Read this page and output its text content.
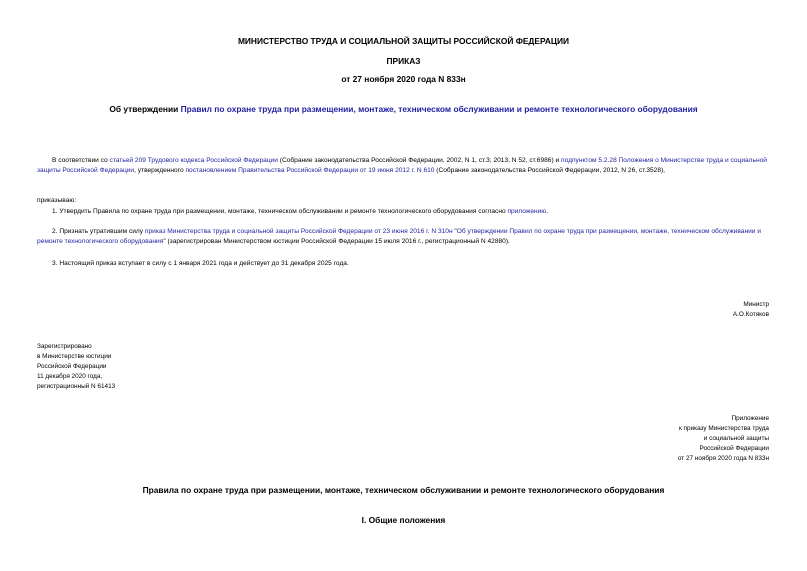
МИНИСТЕРСТВО ТРУДА И СОЦИАЛЬНОЙ ЗАЩИТЫ РОССИЙСКОЙ ФЕДЕРАЦИИ
ПРИКАЗ
от 27 ноября 2020 года N 833н
Об утверждении Правил по охране труда при размещении, монтаже, техническом обслуживании и ремонте технологического оборудования
В соответствии со статьей 209 Трудового кодекса Российской Федерации (Собрание законодательства Российской Федерации, 2002, N 1, ст.3; 2013, N 52, ст.6986) и подпунктом 5.2.28 Положения о Министерстве труда и социальной защиты Российской Федерации, утвержденного постановлением Правительства Российской Федерации от 19 июня 2012 г. N 610 (Собрание законодательства Российской Федерации, 2012, N 26, ст.3528),
приказываю:
1. Утвердить Правила по охране труда при размещении, монтаже, техническом обслуживании и ремонте технологического оборудования согласно приложению.
2. Признать утратившим силу приказ Министерства труда и социальной защиты Российской Федерации от 23 июня 2016 г. N 310н "Об утверждении Правил по охране труда при размещении, монтаже, техническом обслуживании и ремонте технологического оборудования" (зарегистрирован Министерством юстиции Российской Федерации 15 июля 2016 г., регистрационный N 42880).
3. Настоящий приказ вступает в силу с 1 января 2021 года и действует до 31 декабря 2025 года.
Министр
А.О.Котяков
Зарегистрировано
в Министерстве юстиции
Российской Федерации
11 декабря 2020 года,
регистрационный N 61413
Приложение
к приказу Министерства труда
и социальной защиты
Российской Федерации
от 27 ноября 2020 года N 833н
Правила по охране труда при размещении, монтаже, техническом обслуживании и ремонте технологического оборудования
I. Общие положения
